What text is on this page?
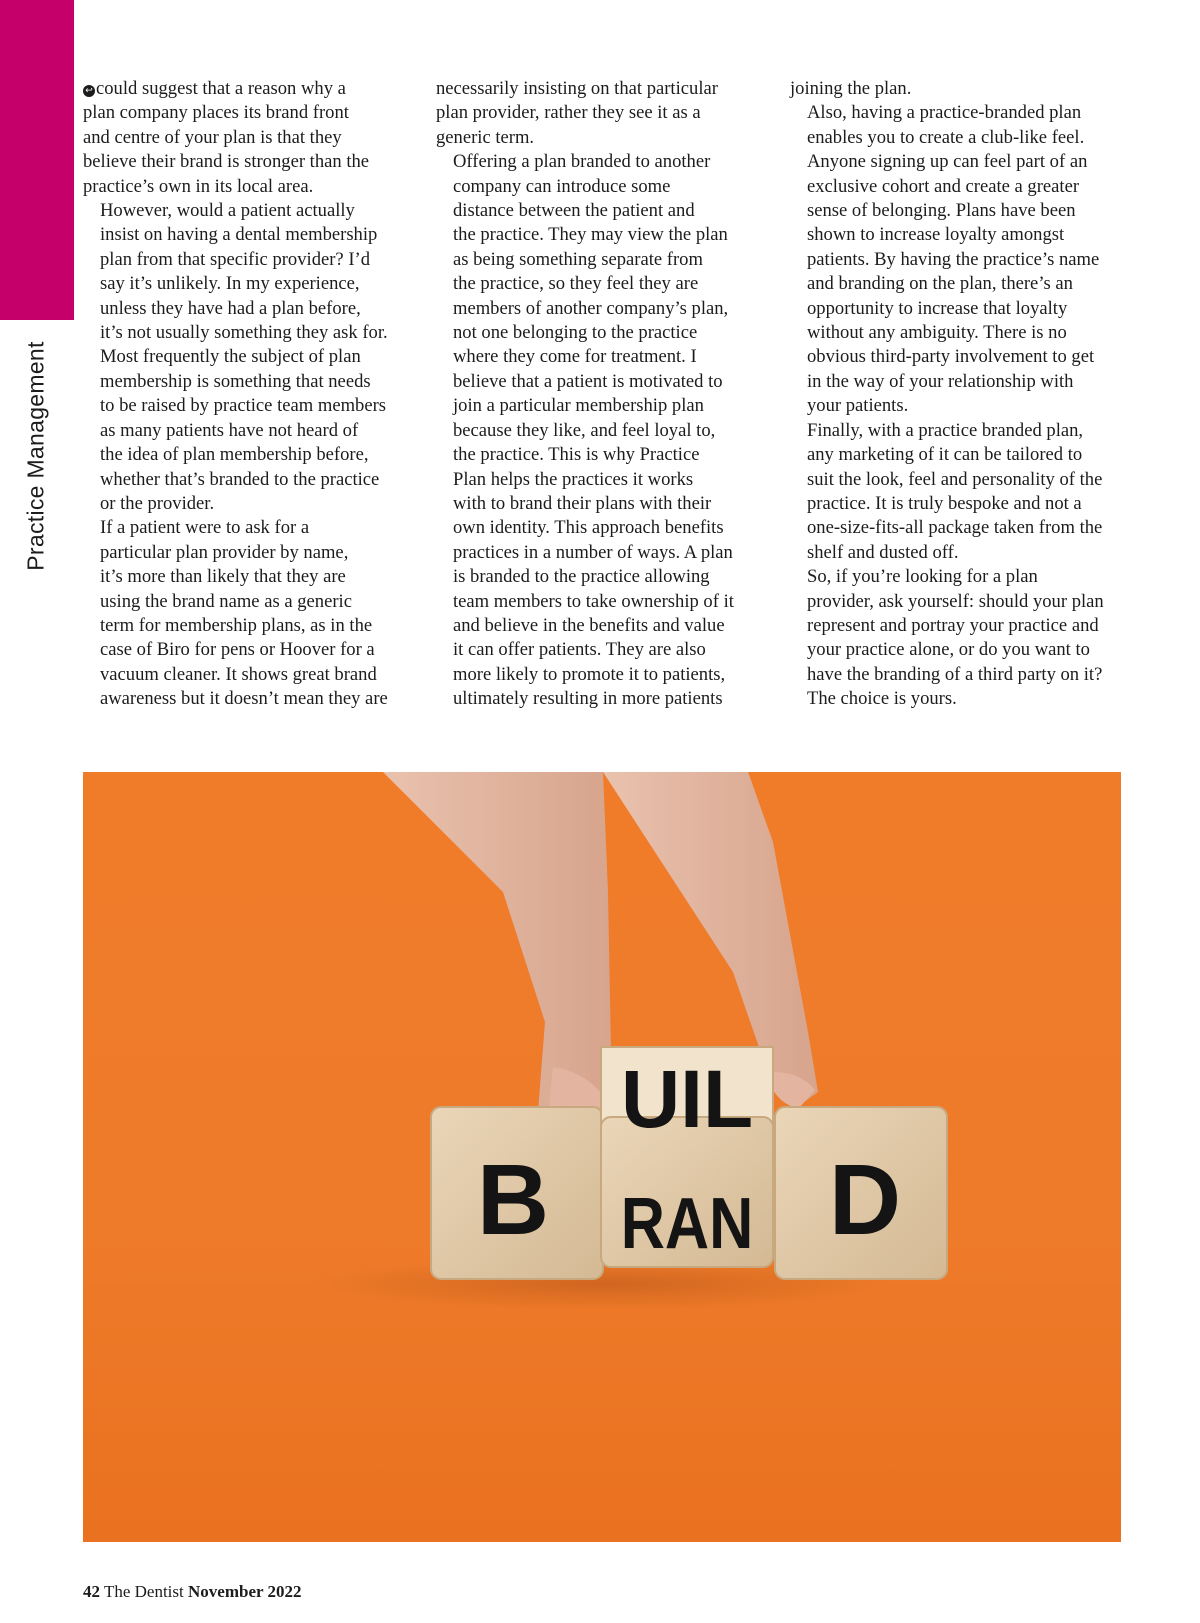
Practice Management

↩ could suggest that a reason why a
plan company places its brand front
and centre of your plan is that they
believe their brand is stronger than the
practice’s own in its local area.

However, would a patient actually
insist on having a dental membership
plan from that specific provider? I’d
say it’s unlikely. In my experience,
unless they have had a plan before,
it’s not usually something they ask for.
Most frequently the subject of plan
membership is something that needs
to be raised by practice team members
as many patients have not heard of
the idea of plan membership before,
whether that’s branded to the practice
or the provider.

If a patient were to ask for a
particular plan provider by name,
it’s more than likely that they are
using the brand name as a generic
term for membership plans, as in the
case of Biro for pens or Hoover for a
vacuum cleaner. It shows great brand
awareness but it doesn’t mean they are

necessarily insisting on that particular
plan provider, rather they see it as a
generic term.

Offering a plan branded to another
company can introduce some
distance between the patient and
the practice. They may view the plan
as being something separate from
the practice, so they feel they are
members of another company’s plan,
not one belonging to the practice
where they come for treatment. I
believe that a patient is motivated to
join a particular membership plan
because they like, and feel loyal to,
the practice. This is why Practice
Plan helps the practices it works
with to brand their plans with their
own identity. This approach benefits
practices in a number of ways. A plan
is branded to the practice allowing
team members to take ownership of it
and believe in the benefits and value
it can offer patients. They are also
more likely to promote it to patients,
ultimately resulting in more patients

joining the plan.

Also, having a practice-branded plan
enables you to create a club-like feel.
Anyone signing up can feel part of an
exclusive cohort and create a greater
sense of belonging. Plans have been
shown to increase loyalty amongst
patients. By having the practice’s name
and branding on the plan, there’s an
opportunity to increase that loyalty
without any ambiguity. There is no
obvious third-party involvement to get
in the way of your relationship with
your patients.

Finally, with a practice branded plan,
any marketing of it can be tailored to
suit the look, feel and personality of the
practice. It is truly bespoke and not a
one-size-fits-all package taken from the
shelf and dusted off.

So, if you’re looking for a plan
provider, ask yourself: should your plan
represent and portray your practice and
your practice alone, or do you want to
have the branding of a third party on it?
The choice is yours.

B
UIL
RAN D
42 The Dentist November 2022
